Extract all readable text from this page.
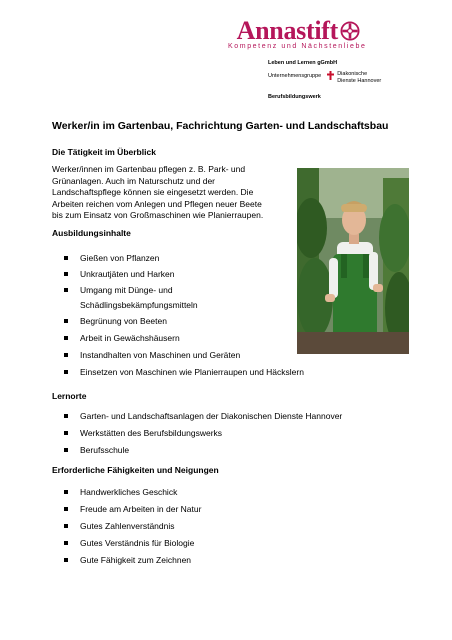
Annastift
Kompetenz und Nächstenliebe
Leben und Lernen gGmbH
Unternehmensgruppe	Diakonische
Dienste Hannover
Berufsbildungswerk
Werker/in im Gartenbau, Fachrichtung Garten- und Landschaftsbau
Die Tätigkeit im Überblick
Werker/innen im Gartenbau pflegen z. B. Park- und
Grünanlagen. Auch im Naturschutz und der
Landschaftspflege können sie eingesetzt werden. Die
Arbeiten reichen vom Anlegen und Pflegen neuer Beete
bis zum Einsatz von Großmaschinen wie Planierraupen.
Ausbildungsinhalte
Gießen von Pflanzen
Unkrautjäten und Harken
Umgang mit Dünge- und
Schädlingsbekämpfungsmitteln
Begrünung von Beeten
Arbeit in Gewächshäusern
Instandhalten von Maschinen und Geräten
Einsetzen von Maschinen wie Planierraupen und Häckslern
Lernorte
Garten- und Landschaftsanlagen der Diakonischen Dienste Hannover
Werkstätten des Berufsbildungswerks
Berufsschule
Erforderliche Fähigkeiten und Neigungen
Handwerkliches Geschick
Freude am Arbeiten in der Natur
Gutes Zahlenverständnis
Gutes Verständnis für Biologie
Gute Fähigkeit zum Zeichnen
